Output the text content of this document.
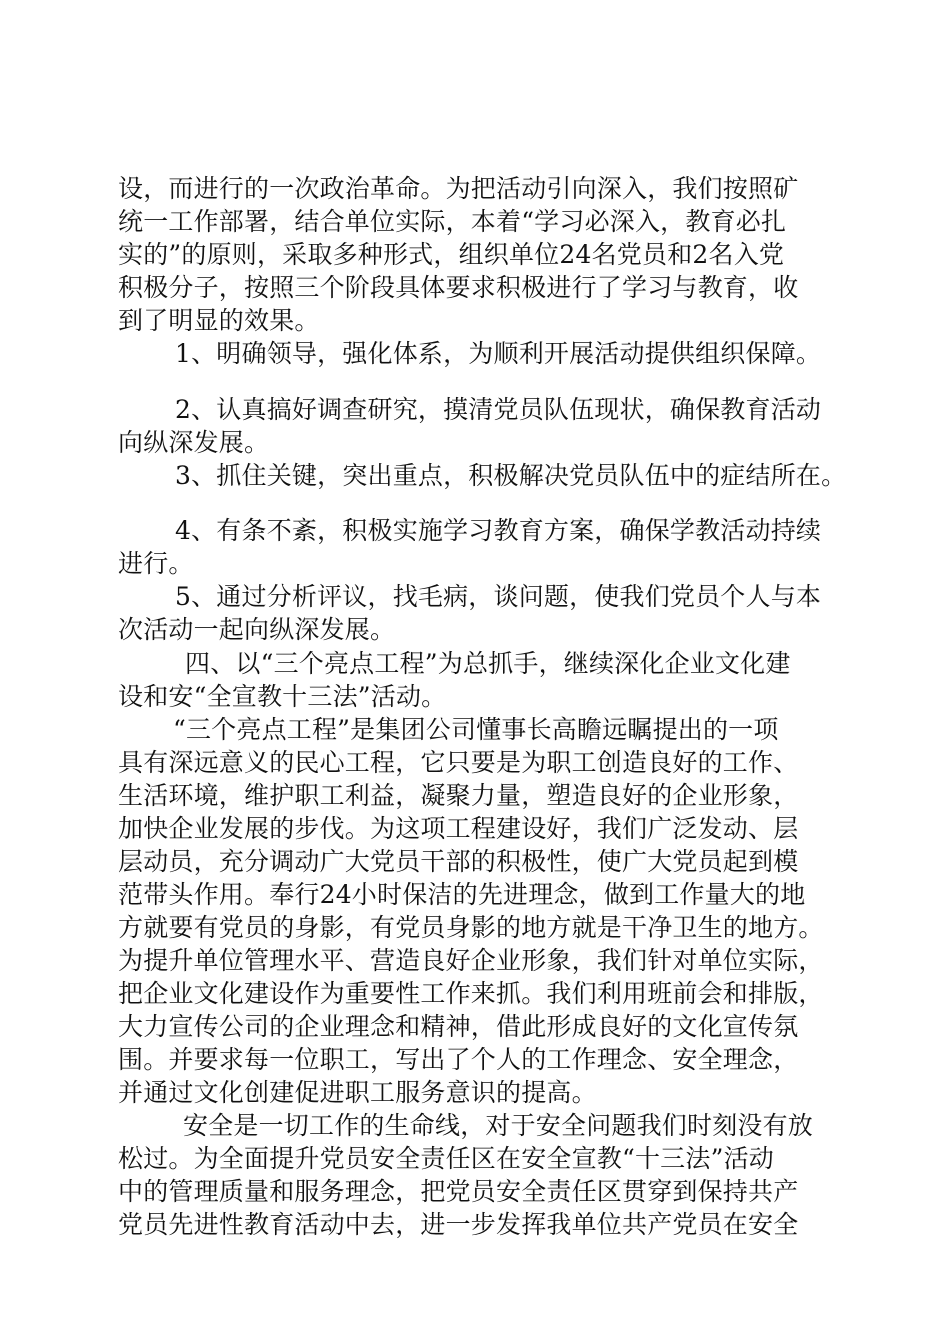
设，而进行的一次政治革命。为把活动引向深入，我们按照矿
统一工作部署，结合单位实际，本着“学习必深入，教育必扎
实的”的原则，采取多种形式，组织单位24名党员和2名入党
积极分子，按照三个阶段具体要求积极进行了学习与教育，收
到了明显的效果。
1、明确领导，强化体系，为顺利开展活动提供组织保障。
2、认真搞好调查研究，摸清党员队伍现状，确保教育活动
向纵深发展。
3、抓住关键，突出重点，积极解决党员队伍中的症结所在。
4、有条不紊，积极实施学习教育方案，确保学教活动持续
进行。
5、通过分析评议，找毛病，谈问题，使我们党员个人与本
次活动一起向纵深发展。
四、以“三个亮点工程”为总抓手，继续深化企业文化建
设和安“全宣教十三法”活动。
“三个亮点工程”是集团公司懂事长高瞻远瞩提出的一项
具有深远意义的民心工程，它只要是为职工创造良好的工作、
生活环境，维护职工利益，凝聚力量，塑造良好的企业形象，
加快企业发展的步伐。为这项工程建设好，我们广泛发动、层
层动员，充分调动广大党员干部的积极性，使广大党员起到模
范带头作用。奉行24小时保洁的先进理念，做到工作量大的地
方就要有党员的身影，有党员身影的地方就是干净卫生的地方。
为提升单位管理水平、营造良好企业形象，我们针对单位实际，
把企业文化建设作为重要性工作来抓。我们利用班前会和排版，
大力宣传公司的企业理念和精神，借此形成良好的文化宣传氛
围。并要求每一位职工，写出了个人的工作理念、安全理念，
并通过文化创建促进职工服务意识的提高。
安全是一切工作的生命线，对于安全问题我们时刻没有放
松过。为全面提升党员安全责任区在安全宣教“十三法”活动
中的管理质量和服务理念，把党员安全责任区贯穿到保持共产
党员先进性教育活动中去，进一步发挥我单位共产党员在安全
